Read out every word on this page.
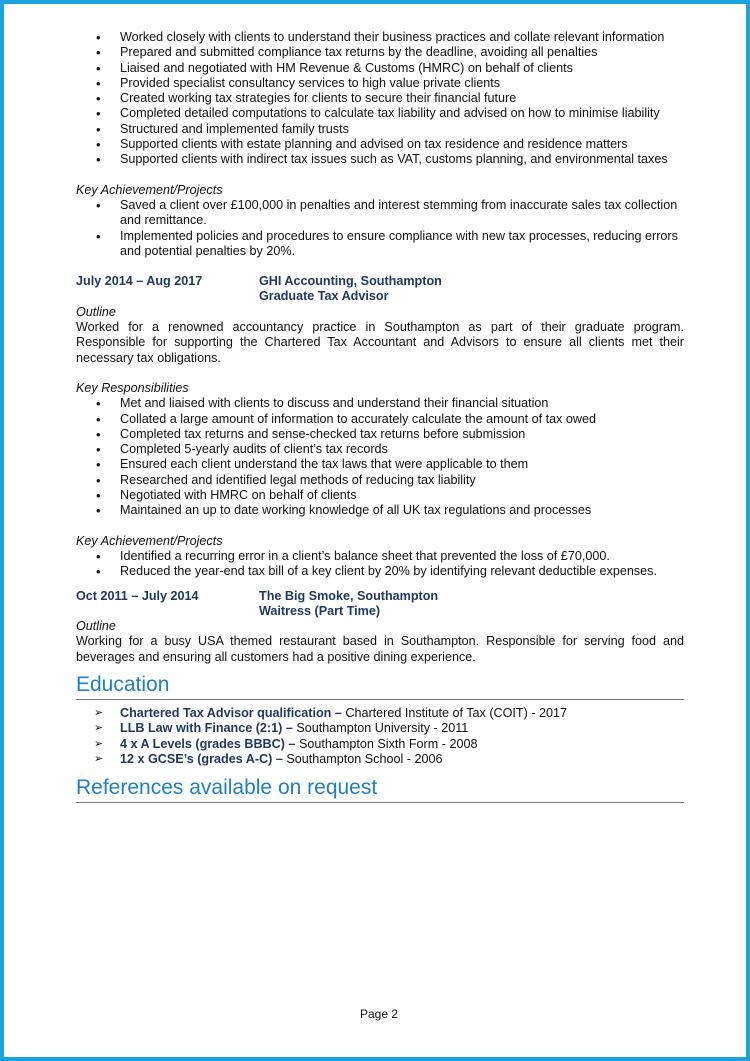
• Worked closely with clients to understand their business practices and collate relevant information
• Prepared and submitted compliance tax returns by the deadline, avoiding all penalties
• Liaised and negotiated with HM Revenue & Customs (HMRC) on behalf of clients
• Provided specialist consultancy services to high value private clients
• Created working tax strategies for clients to secure their financial future
• Completed detailed computations to calculate tax liability and advised on how to minimise liability
• Structured and implemented family trusts
• Supported clients with estate planning and advised on tax residence and residence matters
• Supported clients with indirect tax issues such as VAT, customs planning, and environmental taxes
Key Achievement/Projects
• Saved a client over £100,000 in penalties and interest stemming from inaccurate sales tax collection and remittance.
• Implemented policies and procedures to ensure compliance with new tax processes, reducing errors and potential penalties by 20%.
July 2014 – Aug 2017	GHI Accounting, Southampton
Graduate Tax Advisor
Outline
Worked for a renowned accountancy practice in Southampton as part of their graduate program. Responsible for supporting the Chartered Tax Accountant and Advisors to ensure all clients met their necessary tax obligations.
Key Responsibilities
• Met and liaised with clients to discuss and understand their financial situation
• Collated a large amount of information to accurately calculate the amount of tax owed
• Completed tax returns and sense-checked tax returns before submission
• Completed 5-yearly audits of client’s tax records
• Ensured each client understand the tax laws that were applicable to them
• Researched and identified legal methods of reducing tax liability
• Negotiated with HMRC on behalf of clients
• Maintained an up to date working knowledge of all UK tax regulations and processes
Key Achievement/Projects
• Identified a recurring error in a client’s balance sheet that prevented the loss of £70,000.
• Reduced the year-end tax bill of a key client by 20% by identifying relevant deductible expenses.
Oct 2011 – July 2014	The Big Smoke, Southampton
Waitress (Part Time)
Outline
Working for a busy USA themed restaurant based in Southampton. Responsible for serving food and beverages and ensuring all customers had a positive dining experience.
Education
➢ Chartered Tax Advisor qualification – Chartered Institute of Tax (COIT) - 2017
➢ LLB Law with Finance (2:1) – Southampton University - 2011
➢ 4 x A Levels (grades BBBC) – Southampton Sixth Form - 2008
➢ 12 x GCSE’s (grades A-C) – Southampton School - 2006
References available on request
Page 2
